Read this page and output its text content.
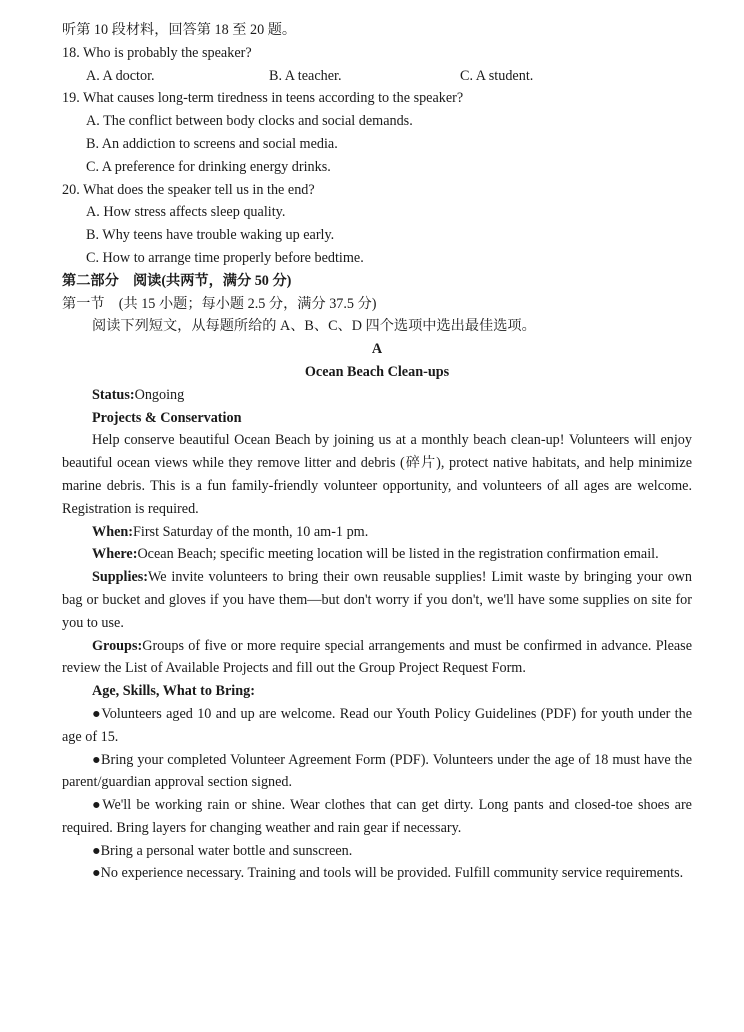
听第 10 段材料，回答第 18 至 20 题。
18. Who is probably the speaker?
A. A doctor.	B. A teacher.	C. A student.
19. What causes long-term tiredness in teens according to the speaker?
A. The conflict between body clocks and social demands.
B. An addiction to screens and social media.
C. A preference for drinking energy drinks.
20. What does the speaker tell us in the end?
A. How stress affects sleep quality.
B. Why teens have trouble waking up early.
C. How to arrange time properly before bedtime.
第二部分　阅读(共两节，满分 50 分)
第一节　(共 15 小题；每小题 2.5 分，满分 37.5 分)
阅读下列短文，从每题所给的 A、B、C、D 四个选项中选出最佳选项。
A
Ocean Beach Clean-ups
Status:Ongoing
Projects & Conservation
Help conserve beautiful Ocean Beach by joining us at a monthly beach clean-up! Volunteers will enjoy beautiful ocean views while they remove litter and debris (碎片), protect native habitats, and help minimize marine debris. This is a fun family-friendly volunteer opportunity, and volunteers of all ages are welcome. Registration is required.
When:First Saturday of the month, 10 am-1 pm.
Where:Ocean Beach; specific meeting location will be listed in the registration confirmation email.
Supplies:We invite volunteers to bring their own reusable supplies! Limit waste by bringing your own bag or bucket and gloves if you have them—but don't worry if you don't, we'll have some supplies on site for you to use.
Groups:Groups of five or more require special arrangements and must be confirmed in advance. Please review the List of Available Projects and fill out the Group Project Request Form.
Age, Skills, What to Bring:
●Volunteers aged 10 and up are welcome. Read our Youth Policy Guidelines (PDF) for youth under the age of 15.
●Bring your completed Volunteer Agreement Form (PDF). Volunteers under the age of 18 must have the parent/guardian approval section signed.
●We'll be working rain or shine. Wear clothes that can get dirty. Long pants and closed-toe shoes are required. Bring layers for changing weather and rain gear if necessary.
●Bring a personal water bottle and sunscreen.
●No experience necessary. Training and tools will be provided. Fulfill community service requirements.
